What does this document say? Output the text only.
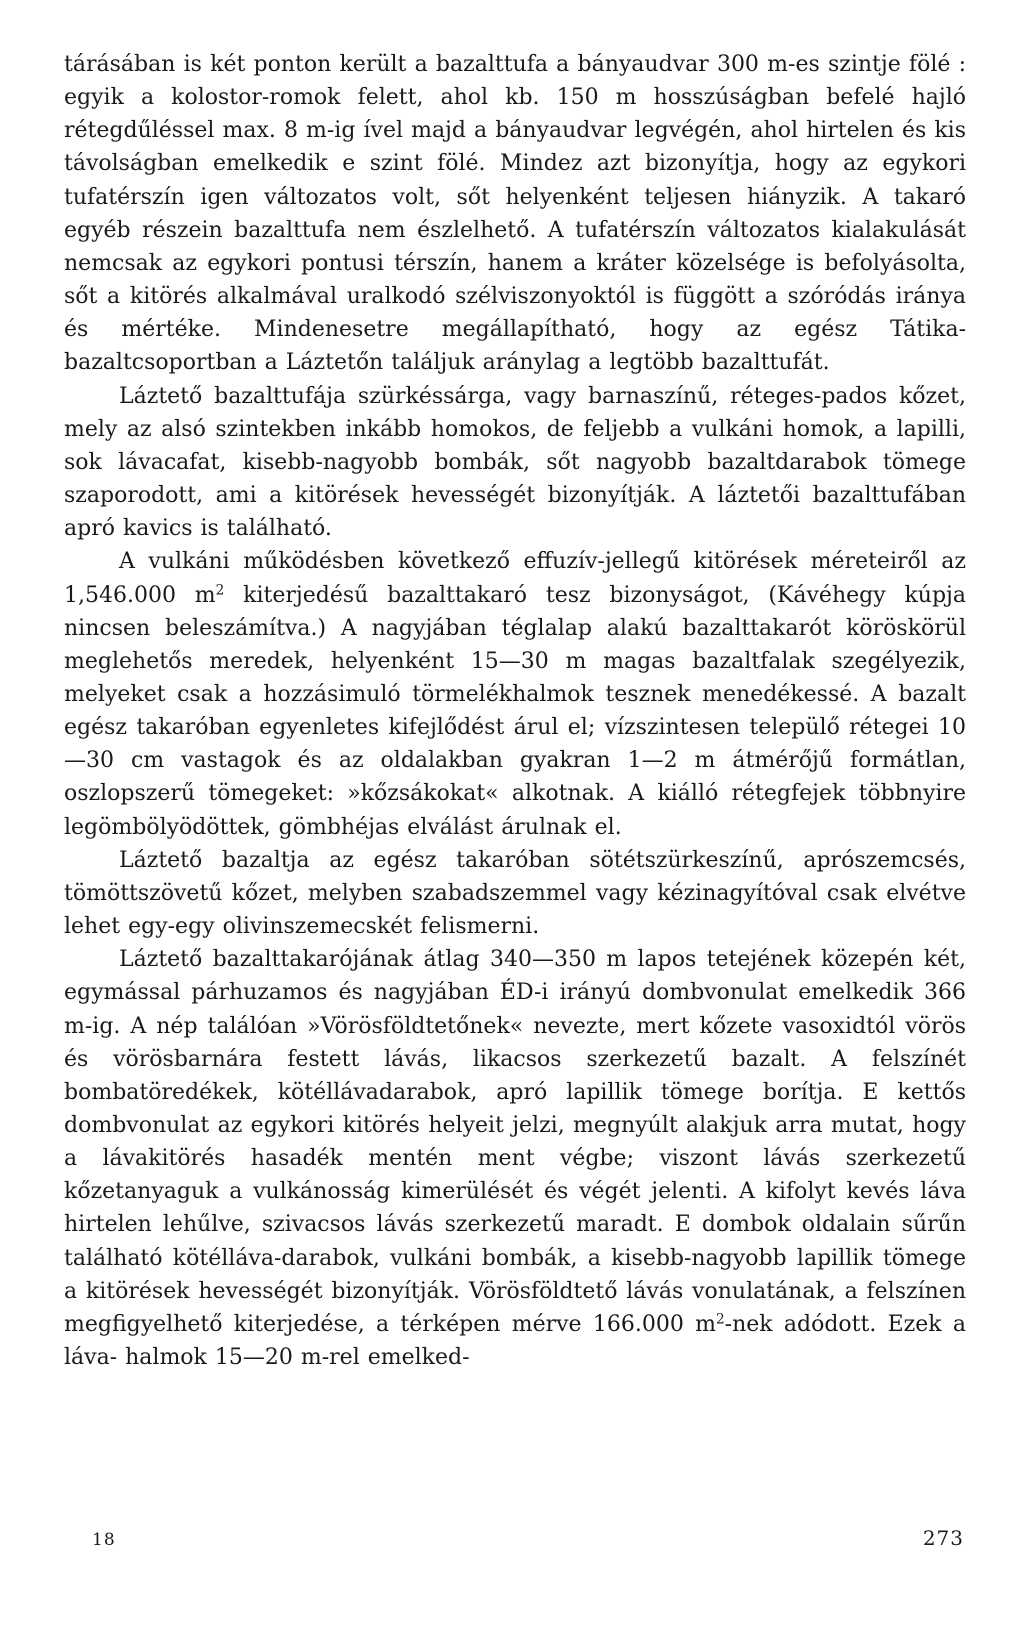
tárásában is két ponton került a bazalttufa a bányaudvar 300 m-es szintje fölé : egyik a kolostor-romok felett, ahol kb. 150 m hosszúságban befelé hajló rétegdűléssel max. 8 m-ig ível majd a bányaudvar legvégén, ahol hirtelen és kis távolságban emelkedik e szint fölé. Mindez azt bizonyítja, hogy az egykori tufatérszín igen változatos volt, sőt helyenként teljesen hiányzik. A takaró egyéb részein bazalttufa nem észlelhető. A tufatérszín változatos kialakulását nemcsak az egykori pontusi térszín, hanem a kráter közelsége is befolyásolta, sőt a kitörés alkalmával uralkodó szélviszonyoktól is függött a szóródás iránya és mértéke. Mindenesetre megállapítható, hogy az egész Tátika-bazaltcsoportban a Láztetőn találjuk aránylag a legtöbb bazalttufát.

Láztető bazalttufája szürkéssárga, vagy barnaszínű, réteges-pados kőzet, mely az alsó szintekben inkább homokos, de feljebb a vulkáni homok, a lapilli, sok lávacafat, kisebb-nagyobb bombák, sőt nagyobb bazaltdarabok tömege szaporodott, ami a kitörések hevességét bizonyítják. A láztetői bazalttufában apró kavics is található.

A vulkáni működésben következő effuzív-jellegű kitörések méreteiről az 1,546.000 $m^2$ kiterjedésű bazalttakaró tesz bizonyságot, (Kávéhegy kúpja nincsen beleszámítva.) A nagyjában téglalap alakú bazalttakarót köröskörül meglehetős meredek, helyenként 15—30 m magas bazaltfalak szegélyezik, melyeket csak a hozzásimuló törmelékhalmok tesznek menedékessé. A bazalt egész takaróban egyenletes kifejlődést árul el; vízszintesen települő rétegei 10—30 cm vastagok és az oldalakban gyakran 1—2 m átmérőjű formátlan, oszlopszerű tömegeket: »kőzsákokat« alkotnak. A kiálló rétegfejek többnyire legömbölyödöttek, gömbhéjas elválást árulnak el.

Láztető bazaltja az egész takaróban sötétszürkeszínű, aprószemcsés, tömöttszövetű kőzet, melyben szabadszemmel vagy kézinagyítóval csak elvétve lehet egy-egy olivinszemecskét felismerni.

Láztető bazalttakarójának átlag 340—350 m lapos tetejének közepén két, egymással párhuzamos és nagyjában ÉD-i irányú dombvonulat emelkedik 366 m-ig. A nép találóan »Vörösföldtetőnek« nevezte, mert kőzete vasoxidtól vörös és vörösbarnára festett lávás, likacsos szerkezetű bazalt. A felszínét bombatöredékek, kötéllávadarabok, apró lapillik tömege borítja. E kettős dombvonulat az egykori kitörés helyeit jelzi, megnyúlt alakjuk arra mutat, hogy a lávakitörés hasadék mentén ment végbe; viszont lávás szerkezetű kőzetanyaguk a vulkánosság kimerülését és végét jelenti. A kifolyt kevés láva hirtelen lehűlve, szivacsos lávás szerkezetű maradt. E dombok oldalain sűrűn található kötéllávа-darabok, vulkáni bombák, a kisebb-nagyobb lapillik tömege a kitörések hevességét bizonyítják. Vörösföldtető lávás vonulatának, a felszínen megfigyelhető kiterjedése, a térképen mérve 166.000 $m^2$-nek adódott. Ezek a láva- halmok 15—20 m-rel emelked-

18	273
